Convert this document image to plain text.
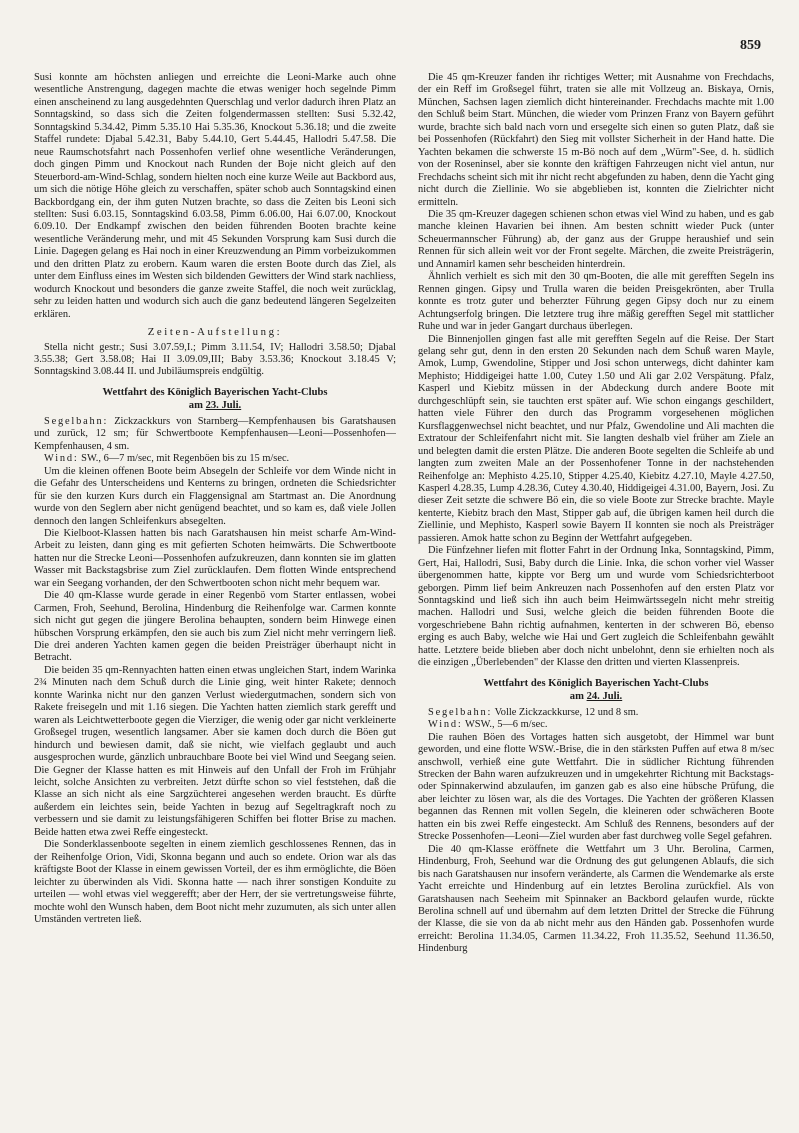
859

Susi konnte am höchsten anliegen und erreichte die Leoni-Marke auch ohne wesentliche Anstrengung, dagegen machte die etwas weniger hoch segelnde Pimm einen anscheinend zu lang ausgedehnten Querschlag und verlor dadurch ihren Platz an Sonntagskind, so dass sich die Zeiten folgendermassen stellten: Susi 5.32.42, Sonntagskind 5.34.42, Pimm 5.35.10 Hai 5.35.36, Knockout 5.36.18; und die zweite Staffel rundete: Djabal 5.42.31, Baby 5.44.10, Gert 5.44.45, Hallodri 5.47.58. Die neue Raumschotsfahrt nach Possenhofen verlief ohne wesentliche Veränderungen, doch gingen Pimm und Knockout nach Runden der Boje nicht gleich auf den Steuerbord-am-Wind-Schlag, sondern hielten noch eine kurze Weile aut Backbord aus, um sich die nötige Höhe gleich zu verschaffen, später schob auch Sonntagskind einen Backbordgang ein, der ihm guten Nutzen brachte, so dass die Zeiten bis Leoni sich stellten: Susi 6.03.15, Sonntagskind 6.03.58, Pimm 6.06.00, Hai 6.07.00, Knockout 6.09.10. Der Endkampf zwischen den beiden führenden Booten brachte keine wesentliche Veränderung mehr, und mit 45 Sekunden Vorsprung kam Susi durch die Linie. Dagegen gelang es Hai noch in einer Kreuzwendung an Pimm vorbeizukommen und den dritten Platz zu erobern. Kaum waren die ersten Boote durch das Ziel, als unter dem Einfluss eines im Westen sich bildenden Gewitters der Wind stark nachliess, wodurch Knockout und besonders die ganze zweite Staffel, die noch weit zurücklag, sehr zu leiden hatten und wodurch sich auch die ganz bedeutend längeren Segelzeiten erklären.

Zeiten-Aufstellung:

Stella nicht gestr.; Susi 3.07.59,I.; Pimm 3.11.54, IV; Hallodri 3.58.50; Djabal 3.55.38; Gert 3.58.08; Hai II 3.09.09,III; Baby 3.53.36; Knockout 3.18.45 V; Sonntagskind 3.08.44 II. und Jubiläumspreis endgültig.

Wettfahrt des Königlich Bayerischen Yacht-Clubs
am 23. Juli.

Segelbahn: Zickzackkurs von Starnberg—Kempfenhausen bis Garatshausen und zurück, 12 sm; für Schwertboote Kempfenhausen—Leoni—Possenhofen—Kempfenhausen, 4 sm.

Wind: SW., 6—7 m/sec, mit Regenböen bis zu 15 m/sec.

Um die kleinen offenen Boote beim Absegeln der Schleife vor dem Winde nicht in die Gefahr des Unterscheidens und Kenterns zu bringen, ordneten die Schiedsrichter für sie den kurzen Kurs durch ein Flaggensignal am Startmast an. Die Anordnung wurde von den Seglern aber nicht genügend beachtet, und so kam es, daß viele Jollen dennoch den langen Schleifenkurs absegelten.

Die Kielboot-Klassen hatten bis nach Garatshausen hin meist scharfe Am-Wind-Arbeit zu leisten, dann ging es mit gefierten Schoten heimwärts. Die Schwertboote hatten nur die Strecke Leoni—Possenhofen aufzukreuzen, dann konnten sie im glatten Wasser mit Backstagsbrise zum Ziel zurücklaufen. Dem flotten Winde entsprechend war ein Seegang vorhanden, der den Schwertbooten schon nicht mehr bequem war.

Die 40 qm-Klasse wurde gerade in einer Regenbö vom Starter entlassen, wobei Carmen, Froh, Seehund, Berolina, Hindenburg die Reihenfolge war. Carmen konnte sich nicht gut gegen die jüngere Berolina behaupten, sondern beim Hinwege einen hübschen Vorsprung erkämpfen, den sie auch bis zum Ziel nicht mehr verringern ließ. Die drei anderen Yachten kamen gegen die beiden Preisträger überhaupt nicht in Betracht.

Die beiden 35 qm-Rennyachten hatten einen etwas ungleichen Start, indem Warinka 2¾ Minuten nach dem Schuß durch die Linie ging, weit hinter Rakete; dennoch konnte Warinka nicht nur den ganzen Verlust wiedergutmachen, sondern sich von Rakete freisegeln und mit 1.16 siegen. Die Yachten hatten ziemlich stark gerefft und waren als Leichtwetterboote gegen die Vierziger, die wenig oder gar nicht verkleinerte Großsegel trugen, wesentlich langsamer. Aber sie kamen doch durch die Böen gut hindurch und bewiesen damit, daß sie nicht, wie vielfach geglaubt und auch ausgesprochen wurde, gänzlich unbrauchbare Boote bei viel Wind und Seegang seien. Die Gegner der Klasse hatten es mit Hinweis auf den Unfall der Froh im Frühjahr leicht, solche Ansichten zu verbreiten. Jetzt dürfte schon so viel feststehen, daß die Klasse an sich nicht als eine Sargzüchterei angesehen werden braucht. Es dürfte außerdem ein leichtes sein, beide Yachten in bezug auf Segeltragkraft noch zu verbessern und sie damit zu leistungsfähigeren Schiffen bei flotter Brise zu machen. Beide hatten etwa zwei Reffe eingesteckt.

Die Sonderklassenboote segelten in einem ziemlich geschlossenes Rennen, das in der Reihenfolge Orion, Vidi, Skonna begann und auch so endete. Orion war als das kräftigste Boot der Klasse in einem gewissen Vorteil, der es ihm ermöglichte, die Böen leichter zu überwinden als Vidi. Skonna hatte — nach ihrer sonstigen Konduite zu urteilen — wohl etwas viel weggerefft; aber der Herr, der sie vertretungsweise führte, mochte wohl den Wunsch haben, dem Boot nicht mehr zuzumuten, als sich unter allen Umständen vertreten ließ.

Die 45 qm-Kreuzer fanden ihr richtiges Wetter; mit Ausnahme von Frechdachs, der ein Reff im Großsegel führt, traten sie alle mit Vollzeug an. Biskaya, Ornis, München, Sachsen lagen ziemlich dicht hintereinander. Frechdachs machte mit 1.00 den Schluß beim Start. München, die wieder vom Prinzen Franz von Bayern geführt wurde, brachte sich bald nach vorn und ersegelte sich einen so guten Platz, daß sie bei Possenhofen (Rückfahrt) den Sieg mit vollster Sicherheit in der Hand hatte. Die Yachten bekamen die schwerste 15 m-Bö noch auf dem „Würm"-See, d. h. südlich von der Roseninsel, aber sie konnte den kräftigen Fahrzeugen nicht viel antun, nur Frechdachs scheint sich mit ihr nicht recht abgefunden zu haben, denn die Yacht ging nicht durch die Ziellinie. Wo sie abgeblieben ist, konnten die Zielrichter nicht ermitteln.

Die 35 qm-Kreuzer dagegen schienen schon etwas viel Wind zu haben, und es gab manche kleinen Havarien bei ihnen. Am besten schnitt wieder Puck (unter Scheuermannscher Führung) ab, der ganz aus der Gruppe heraushief und sein Rennen für sich allein weit vor der Front segelte. Märchen, die zweite Preisträgerin, und Annamirl kamen sehr bescheiden hinterdrein.

Ähnlich verhielt es sich mit den 30 qm-Booten, die alle mit gerefften Segeln ins Rennen gingen. Gipsy und Trulla waren die beiden Preisgekrönten, aber Trulla konnte es trotz guter und beherzter Führung gegen Gipsy doch nur zu einem Achtungserfolg bringen. Die letztere trug ihre mäßig gerefften Segel mit stattlicher Ruhe und war in jeder Gangart durchaus überlegen.

Die Binnenjollen gingen fast alle mit gerefften Segeln auf die Reise. Der Start gelang sehr gut, denn in den ersten 20 Sekunden nach dem Schuß waren Mayle, Amok, Lump, Gwendoline, Stipper und Josi schon unterwegs, dicht dahinter kam Mephisto; Hiddigeigei hatte 1.00, Cutey 1.50 und Ali gar 2.02 Verspätung. Pfalz, Kasperl und Kiebitz müssen in der Abdeckung durch andere Boote mit durchgeschlüpft sein, sie tauchten erst später auf. Wie schon eingangs geschildert, hatten viele Führer den durch das Programm vorgesehenen möglichen Kursflaggenwechsel nicht beachtet, und nur Pfalz, Gwendoline und Ali machten die Extratour der Schleifenfahrt nicht mit. Sie langten deshalb viel früher am Ziele an und belegten damit die ersten Plätze. Die anderen Boote segelten die Schleife ab und langten zum zweiten Male an der Possenhofener Tonne in der nachstehenden Reihenfolge an: Mephisto 4.25.10, Stipper 4.25.40, Kiebitz 4.27.10, Mayle 4.27.50, Kasperl 4.28.35, Lump 4.28.36, Cutey 4.30.40, Hiddigeigei 4.31.00, Bayern, Josi. Zu dieser Zeit setzte die schwere Bö ein, die so viele Boote zur Strecke brachte. Mayle kenterte, Kiebitz brach den Mast, Stipper gab auf, die übrigen kamen heil durch die Ziellinie, und Mephisto, Kasperl sowie Bayern II konnten sie noch als Preisträger passieren. Amok hatte schon zu Beginn der Wettfahrt aufgegeben.

Die Fünfzehner liefen mit flotter Fahrt in der Ordnung Inka, Sonntagskind, Pimm, Gert, Hai, Hallodri, Susi, Baby durch die Linie. Inka, die schon vorher viel Wasser übergenommen hatte, kippte vor Berg um und wurde vom Schiedsrichterboot geborgen. Pimm lief beim Ankreuzen nach Possenhofen auf den ersten Platz vor Sonntagskind und ließ sich ihn auch beim Heimwärtssegeln nicht mehr streitig machen. Hallodri und Susi, welche gleich die beiden führenden Boote die vorgeschriebene Bahn richtig aufnahmen, kenterten in der schweren Bö, ebenso erging es auch Baby, welche wie Hai und Gert zugleich die Schleifenbahn gewählt hatte. Letztere beide blieben aber doch nicht unbelohnt, denn sie erhielten noch als die einzigen „Überlebenden" der Klasse den dritten und vierten Klassenpreis.

Wettfahrt des Königlich Bayerischen Yacht-Clubs
am 24. Juli.

Segelbahn: Volle Zickzackkurse, 12 und 8 sm.

Wind: WSW., 5—6 m/sec.

Die rauhen Böen des Vortages hatten sich ausgetobt, der Himmel war bunt geworden, und eine flotte WSW.-Brise, die in den stärksten Puffen auf etwa 8 m/sec anschwoll, verhieß eine gute Wettfahrt. Die in südlicher Richtung führenden Strecken der Bahn waren aufzukreuzen und in umgekehrter Richtung mit Backstags- oder Spinnakerwind abzulaufen, im ganzen gab es also eine hübsche Prüfung, die aber leichter zu lösen war, als die des Vortages. Die Yachten der größeren Klassen begannen das Rennen mit vollen Segeln, die kleineren oder schwächeren Boote hatten ein bis zwei Reffe eingesteckt. Am Schluß des Rennens, besonders auf der Strecke Possenhofen—Leoni—Ziel wurden aber fast durchweg volle Segel gefahren.

Die 40 qm-Klasse eröffnete die Wettfahrt um 3 Uhr. Berolina, Carmen, Hindenburg, Froh, Seehund war die Ordnung des gut gelungenen Ablaufs, die sich bis nach Garatshausen nur insofern veränderte, als Carmen die Wendemarke als erste Yacht erreichte und Hindenburg auf ein letztes Berolina zurückfiel. Als von Garatshausen nach Seeheim mit Spinnaker an Backbord gelaufen wurde, rückte Berolina schnell auf und übernahm auf dem letzten Drittel der Strecke die Führung der Klasse, die sie von da ab nicht mehr aus den Händen gab. Possenhofen wurde erreicht: Berolina 11.34.05, Carmen 11.34.22, Froh 11.35.52, Seehund 11.36.50, Hindenburg
